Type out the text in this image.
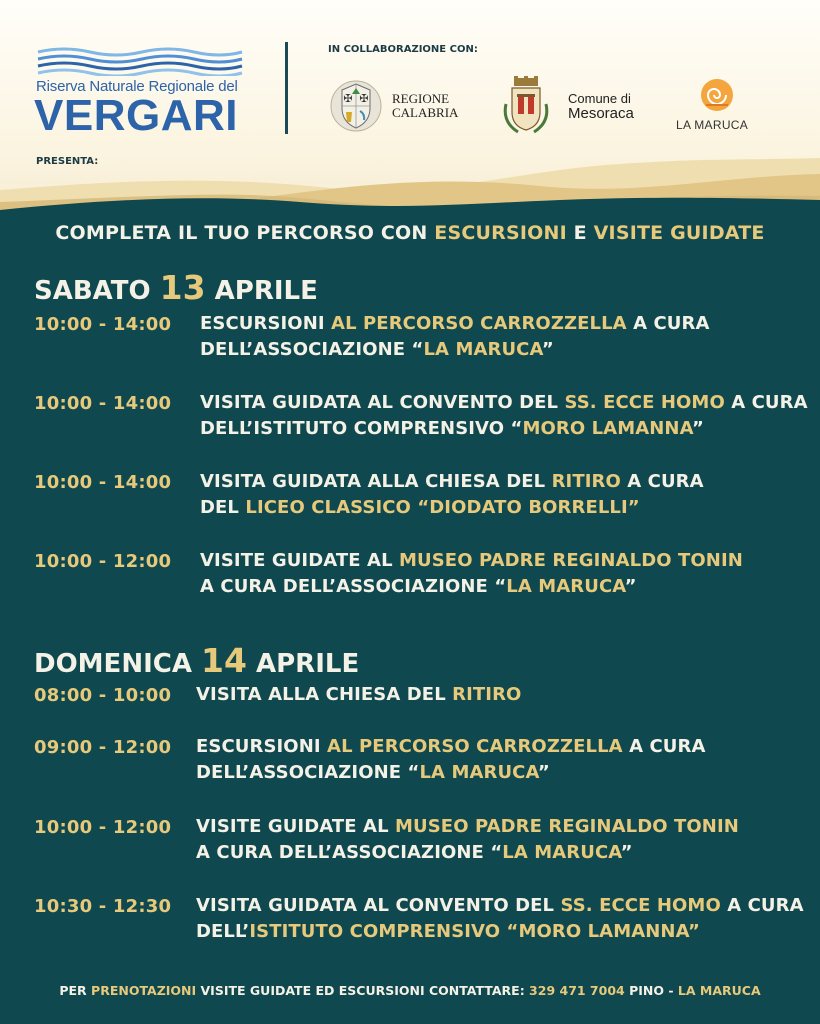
Riserva Naturale Regionale del
VERGARI
PRESENTA:
IN COLLABORAZIONE CON:
✠ ✠ REGIONE
CALABRIA
Comune di
Mesoraca
LA MARUCA
COMPLETA IL TUO PERCORSO CON ESCURSIONI E VISITE GUIDATE
SABATO 13 APRILE
10:00 - 14:00 ESCURSIONI AL PERCORSO CARROZZELLA A CURA
DELL’ASSOCIAZIONE “LA MARUCA”
10:00 - 14:00 VISITA GUIDATA AL CONVENTO DEL SS. ECCE HOMO A CURA
DELL’ISTITUTO COMPRENSIVO “MORO LAMANNA”
10:00 - 14:00 VISITA GUIDATA ALLA CHIESA DEL RITIRO A CURA
DEL LICEO CLASSICO “DIODATO BORRELLI”
10:00 - 12:00 VISITE GUIDATE AL MUSEO PADRE REGINALDO TONIN
A CURA DELL’ASSOCIAZIONE “LA MARUCA”
DOMENICA 14 APRILE
08:00 - 10:00 VISITA ALLA CHIESA DEL RITIRO
09:00 - 12:00 ESCURSIONI AL PERCORSO CARROZZELLA A CURA
DELL’ASSOCIAZIONE “LA MARUCA”
10:00 - 12:00 VISITE GUIDATE AL MUSEO PADRE REGINALDO TONIN
A CURA DELL’ASSOCIAZIONE “LA MARUCA”
10:30 - 12:30 VISITA GUIDATA AL CONVENTO DEL SS. ECCE HOMO A CURA
DELL’ISTITUTO COMPRENSIVO “MORO LAMANNA”
PER PRENOTAZIONI VISITE GUIDATE ED ESCURSIONI CONTATTARE: 329 471 7004 PINO - LA MARUCA
